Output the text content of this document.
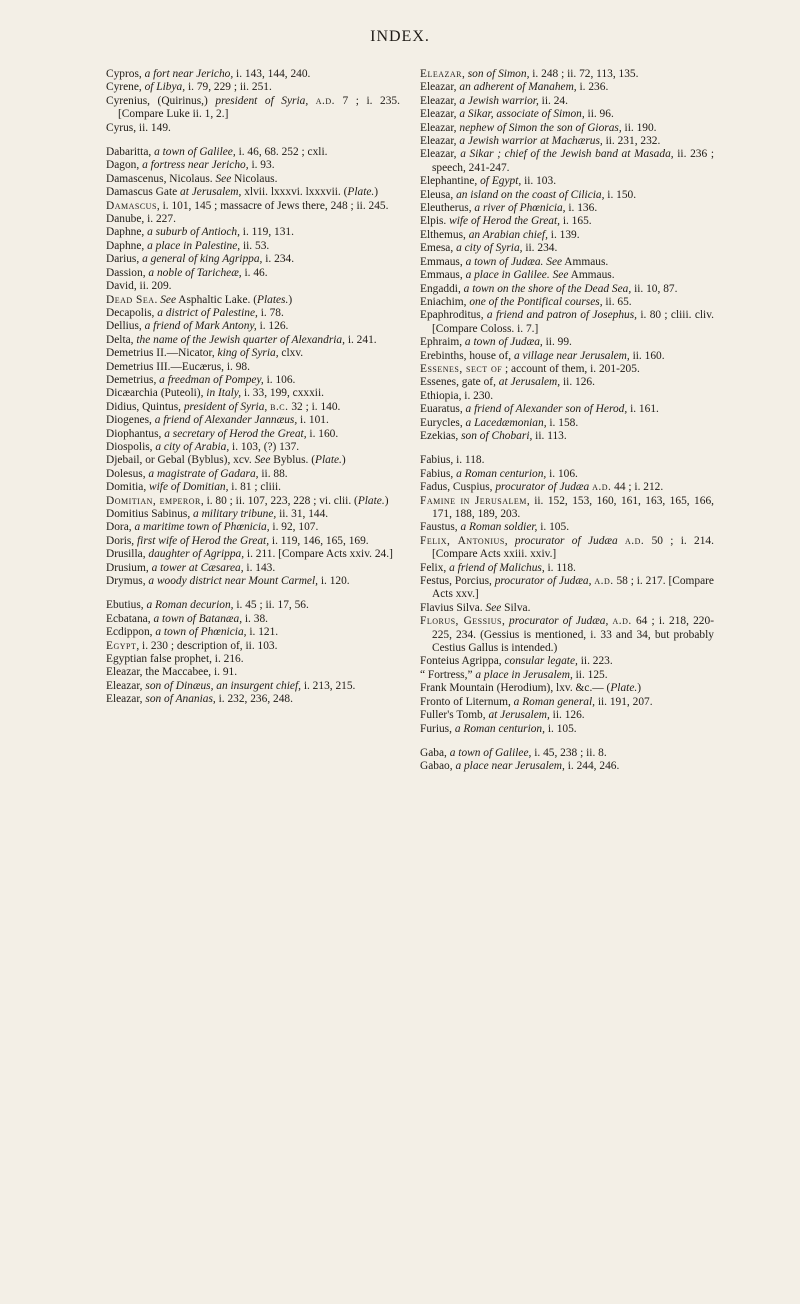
INDEX.

Cypros, a fort near Jericho, i. 143, 144, 240.

Cyrene, of Libya, i. 79, 229 ; ii. 251.

Cyrenius, (Quirinus,) president of Syria, a.d. 7 ; i. 235. [Compare Luke ii. 1, 2.]

Cyrus, ii. 149.

Dabaritta, a town of Galilee, i. 46, 68. 252 ; cxli.

Dagon, a fortress near Jericho, i. 93.

Damascenus, Nicolaus. See Nicolaus.

Damascus Gate at Jerusalem, xlvii. lxxxvi. lxxxvii. (Plate.)

Damascus, i. 101, 145 ; massacre of Jews there, 248 ; ii. 245.

Danube, i. 227.

Daphne, a suburb of Antioch, i. 119, 131.

Daphne, a place in Palestine, ii. 53.

Darius, a general of king Agrippa, i. 234.

Dassion, a noble of Taricheæ, i. 46.

David, ii. 209.

Dead Sea. See Asphaltic Lake. (Plates.)

Decapolis, a district of Palestine, i. 78.

Dellius, a friend of Mark Antony, i. 126.

Delta, the name of the Jewish quarter of Alexandria, i. 241.

Demetrius II.—Nicator, king of Syria, clxv.

Demetrius III.—Eucærus, i. 98.

Demetrius, a freedman of Pompey, i. 106.

Dicæarchia (Puteoli), in Italy, i. 33, 199, cxxxii.

Didius, Quintus, president of Syria, b.c. 32 ; i. 140.

Diogenes, a friend of Alexander Jannæus, i. 101.

Diophantus, a secretary of Herod the Great, i. 160.

Diospolis, a city of Arabia, i. 103, (?) 137.

Djebail, or Gebal (Byblus), xcv. See Byblus. (Plate.)

Dolesus, a magistrate of Gadara, ii. 88.

Domitia, wife of Domitian, i. 81 ; cliii.

Domitian, emperor, i. 80 ; ii. 107, 223, 228 ; vi. clii. (Plate.)

Domitius Sabinus, a military tribune, ii. 31, 144.

Dora, a maritime town of Phœnicia, i. 92, 107.

Doris, first wife of Herod the Great, i. 119, 146, 165, 169.

Drusilla, daughter of Agrippa, i. 211. [Compare Acts xxiv. 24.]

Drusium, a tower at Cæsarea, i. 143.

Drymus, a woody district near Mount Carmel, i. 120.

Ebutius, a Roman decurion, i. 45 ; ii. 17, 56.

Ecbatana, a town of Batanæa, i. 38.

Ecdippon, a town of Phœnicia, i. 121.

Egypt, i. 230 ; description of, ii. 103.

Egyptian false prophet, i. 216.

Eleazar, the Maccabee, i. 91.

Eleazar, son of Dinæus, an insurgent chief, i. 213, 215.

Eleazar, son of Ananias, i. 232, 236, 248.

Eleazar, son of Simon, i. 248 ; ii. 72, 113, 135.

Eleazar, an adherent of Manahem, i. 236.

Eleazar, a Jewish warrior, ii. 24.

Eleazar, a Sikar, associate of Simon, ii. 96.

Eleazar, nephew of Simon the son of Gioras, ii. 190.

Eleazar, a Jewish warrior at Machærus, ii. 231, 232.

Eleazar, a Sikar ; chief of the Jewish band at Masada, ii. 236 ; speech, 241-247.

Elephantine, of Egypt, ii. 103.

Eleusa, an island on the coast of Cilicia, i. 150.

Eleutherus, a river of Phœnicia, i. 136.

Elpis. wife of Herod the Great, i. 165.

Elthemus, an Arabian chief, i. 139.

Emesa, a city of Syria, ii. 234.

Emmaus, a town of Judæa. See Ammaus.

Emmaus, a place in Galilee. See Ammaus.

Engaddi, a town on the shore of the Dead Sea, ii. 10, 87.

Eniachim, one of the Pontifical courses, ii. 65.

Epaphroditus, a friend and patron of Josephus, i. 80 ; cliii. cliv. [Compare Coloss. i. 7.]

Ephraim, a town of Judæa, ii. 99.

Erebinths, house of, a village near Jerusalem, ii. 160.

Essenes, sect of ; account of them, i. 201-205.

Essenes, gate of, at Jerusalem, ii. 126.

Ethiopia, i. 230.

Euaratus, a friend of Alexander son of Herod, i. 161.

Eurycles, a Lacedæmonian, i. 158.

Ezekias, son of Chobari, ii. 113.

Fabius, i. 118.

Fabius, a Roman centurion, i. 106.

Fadus, Cuspius, procurator of Judæa a.d. 44 ; i. 212.

Famine in Jerusalem, ii. 152, 153, 160, 161, 163, 165, 166, 171, 188, 189, 203.

Faustus, a Roman soldier, i. 105.

Felix, Antonius, procurator of Judæa a.d. 50 ; i. 214. [Compare Acts xxiii. xxiv.]

Felix, a friend of Malichus, i. 118.

Festus, Porcius, procurator of Judæa, a.d. 58 ; i. 217. [Compare Acts xxv.]

Flavius Silva. See Silva.

Florus, Gessius, procurator of Judæa, a.d. 64 ; i. 218, 220-225, 234. (Gessius is mentioned, i. 33 and 34, but probably Cestius Gallus is intended.)

Fonteius Agrippa, consular legate, ii. 223.

“ Fortress,” a place in Jerusalem, ii. 125.

Frank Mountain (Herodium), lxv. &c.— (Plate.)

Fronto of Liternum, a Roman general, ii. 191, 207.

Fuller's Tomb, at Jerusalem, ii. 126.

Furius, a Roman centurion, i. 105.

Gaba, a town of Galilee, i. 45, 238 ; ii. 8.

Gabao, a place near Jerusalem, i. 244, 246.
